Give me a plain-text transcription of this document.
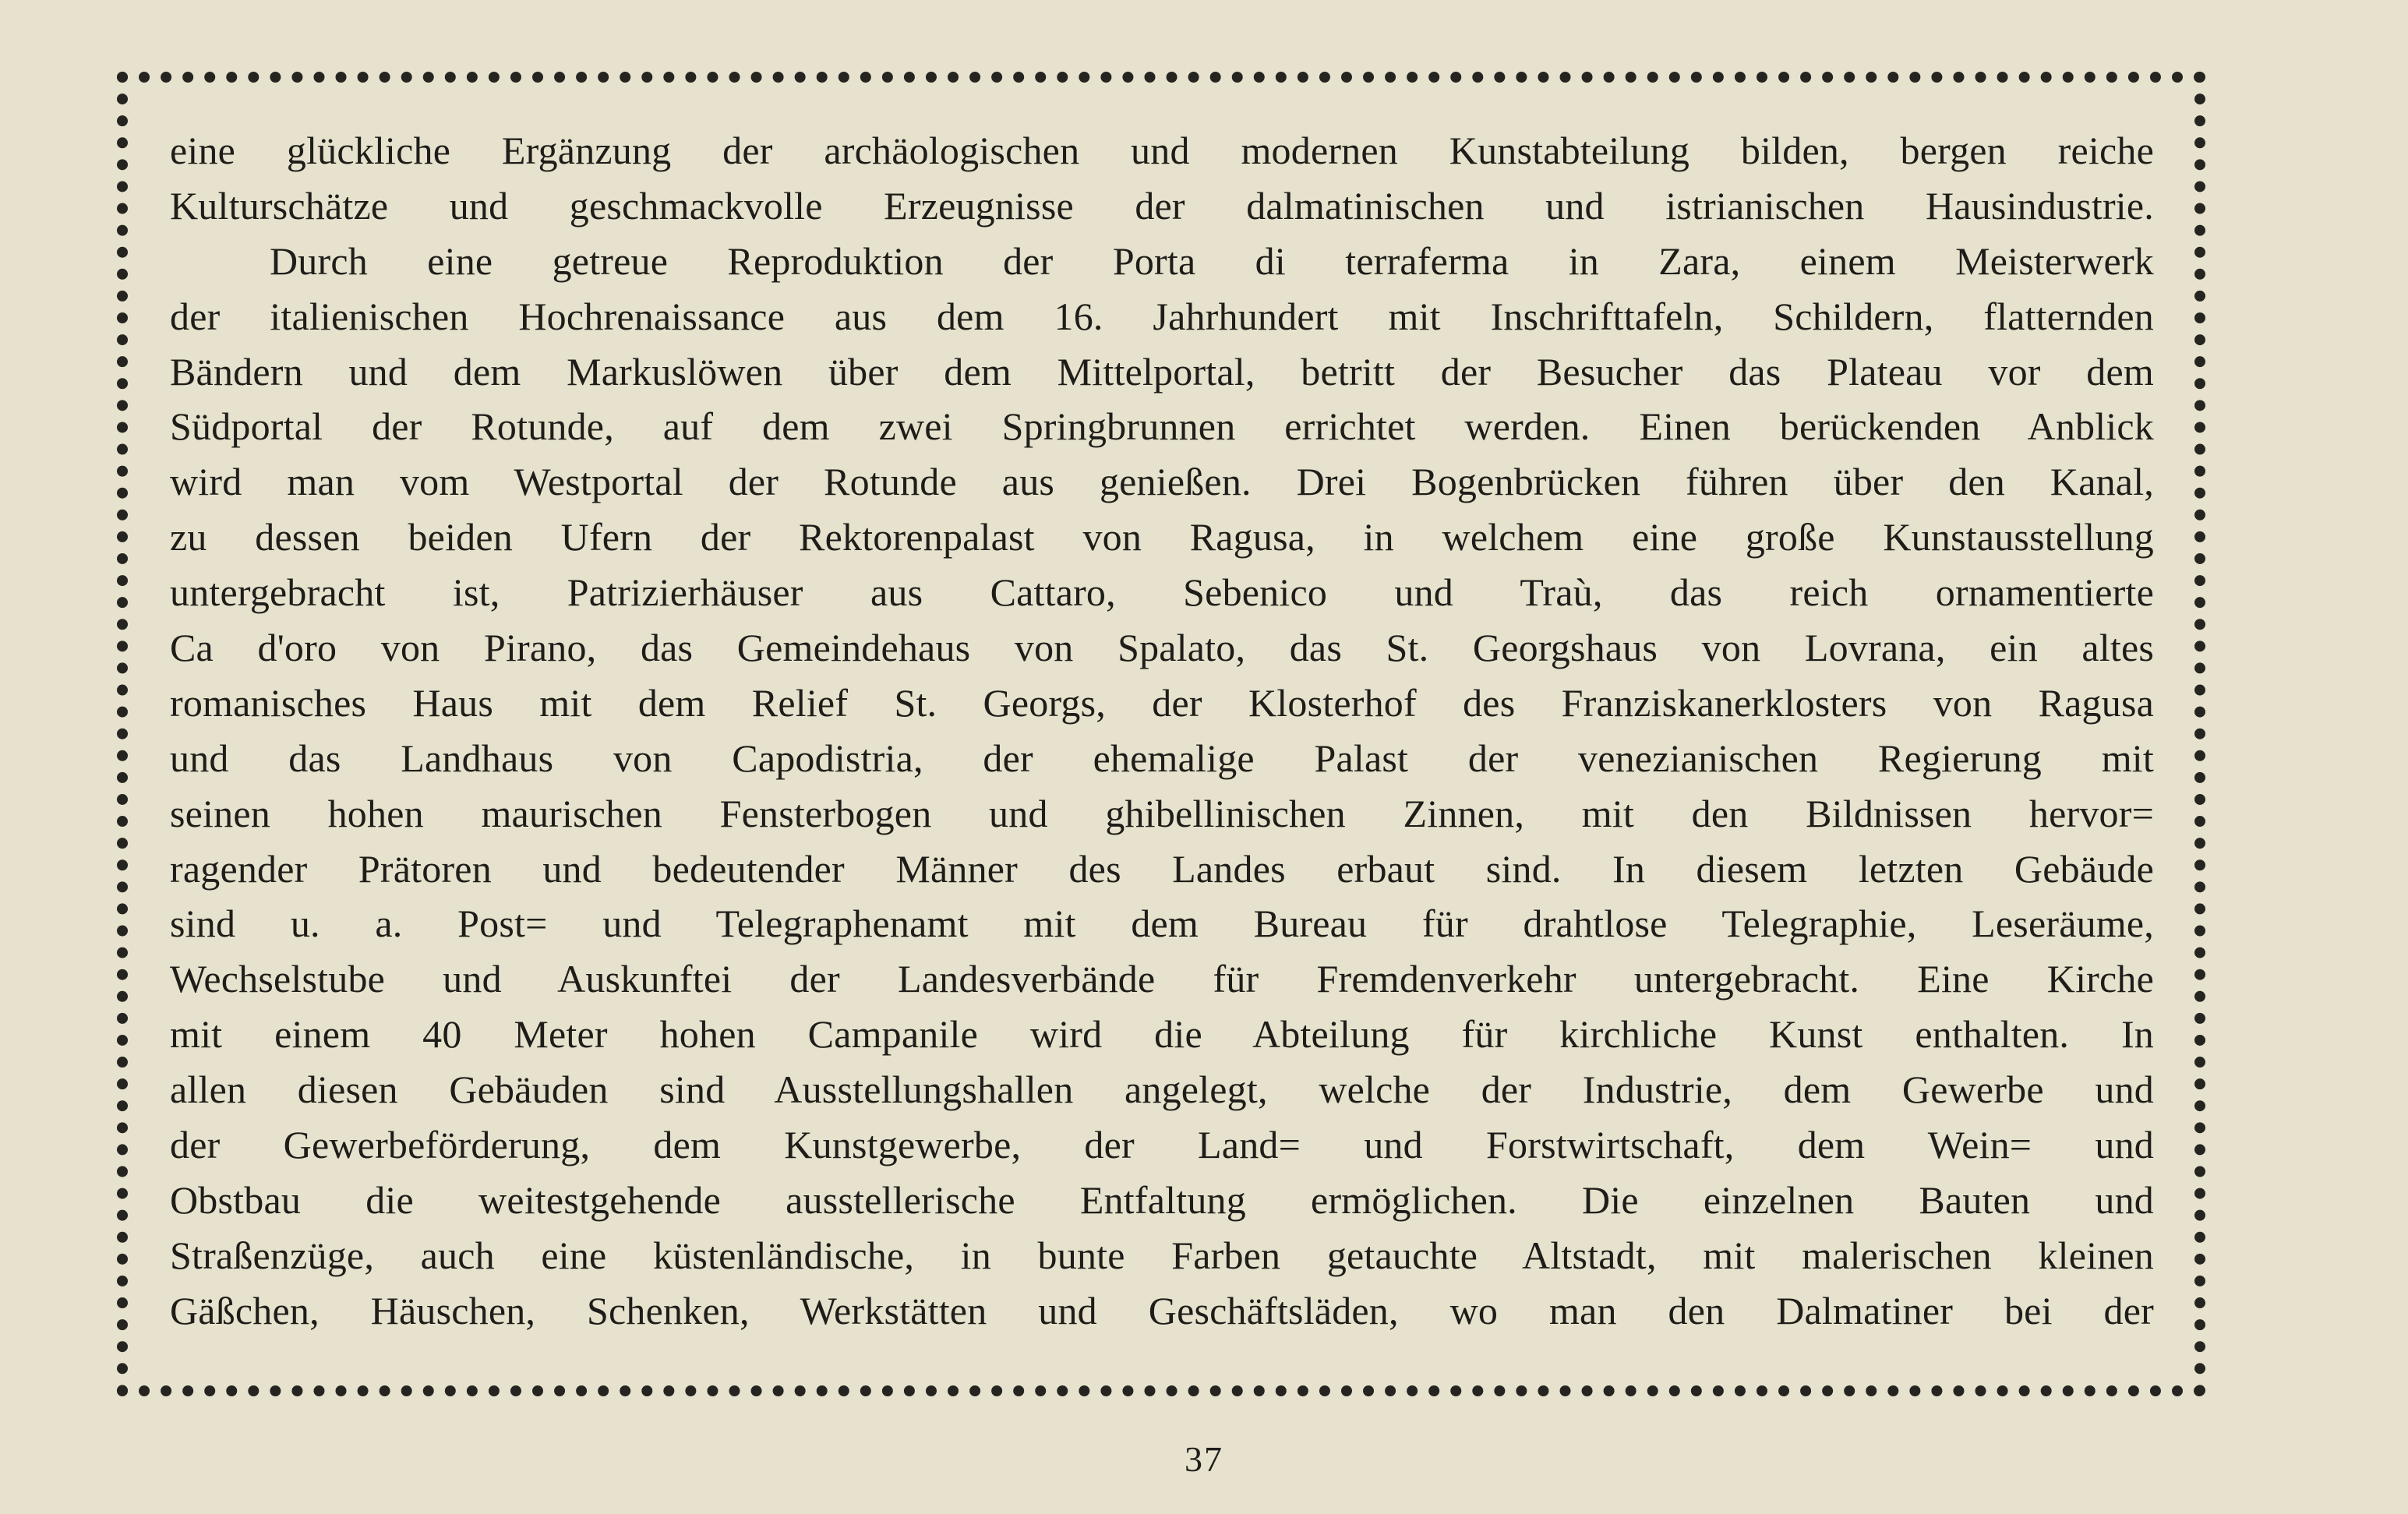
eine glückliche Ergänzung der archäologischen und modernen Kunstabteilung bilden, bergen reiche
Kulturschätze und geschmackvolle Erzeugnisse der dalmatinischen und istrianischen Hausindustrie.
Durch eine getreue Reproduktion der Porta di terraferma in Zara, einem Meisterwerk
der italienischen Hochrenaissance aus dem 16. Jahrhundert mit Inschrifttafeln, Schildern, flatternden
Bändern und dem Markuslöwen über dem Mittelportal, betritt der Besucher das Plateau vor dem
Südportal der Rotunde, auf dem zwei Springbrunnen errichtet werden. Einen berückenden Anblick
wird man vom Westportal der Rotunde aus genießen. Drei Bogenbrücken führen über den Kanal,
zu dessen beiden Ufern der Rektorenpalast von Ragusa, in welchem eine große Kunstausstellung
untergebracht ist, Patrizierhäuser aus Cattaro, Sebenico und Traù, das reich ornamentierte
Ca d'oro von Pirano, das Gemeindehaus von Spalato, das St. Georgshaus von Lovrana, ein altes
romanisches Haus mit dem Relief St. Georgs, der Klosterhof des Franziskanerklosters von Ragusa
und das Landhaus von Capodistria, der ehemalige Palast der venezianischen Regierung mit
seinen hohen maurischen Fensterbogen und ghibellinischen Zinnen, mit den Bildnissen hervor=
ragender Prätoren und bedeutender Männer des Landes erbaut sind. In diesem letzten Gebäude
sind u. a. Post= und Telegraphenamt mit dem Bureau für drahtlose Telegraphie, Leseräume,
Wechselstube und Auskunftei der Landesverbände für Fremdenverkehr untergebracht. Eine Kirche
mit einem 40 Meter hohen Campanile wird die Abteilung für kirchliche Kunst enthalten. In
allen diesen Gebäuden sind Ausstellungshallen angelegt, welche der Industrie, dem Gewerbe und
der Gewerbeförderung, dem Kunstgewerbe, der Land= und Forstwirtschaft, dem Wein= und
Obstbau die weitestgehende ausstellerische Entfaltung ermöglichen. Die einzelnen Bauten und
Straßenzüge, auch eine küstenländische, in bunte Farben getauchte Altstadt, mit malerischen kleinen
Gäßchen, Häuschen, Schenken, Werkstätten und Geschäftsläden, wo man den Dalmatiner bei der
37
